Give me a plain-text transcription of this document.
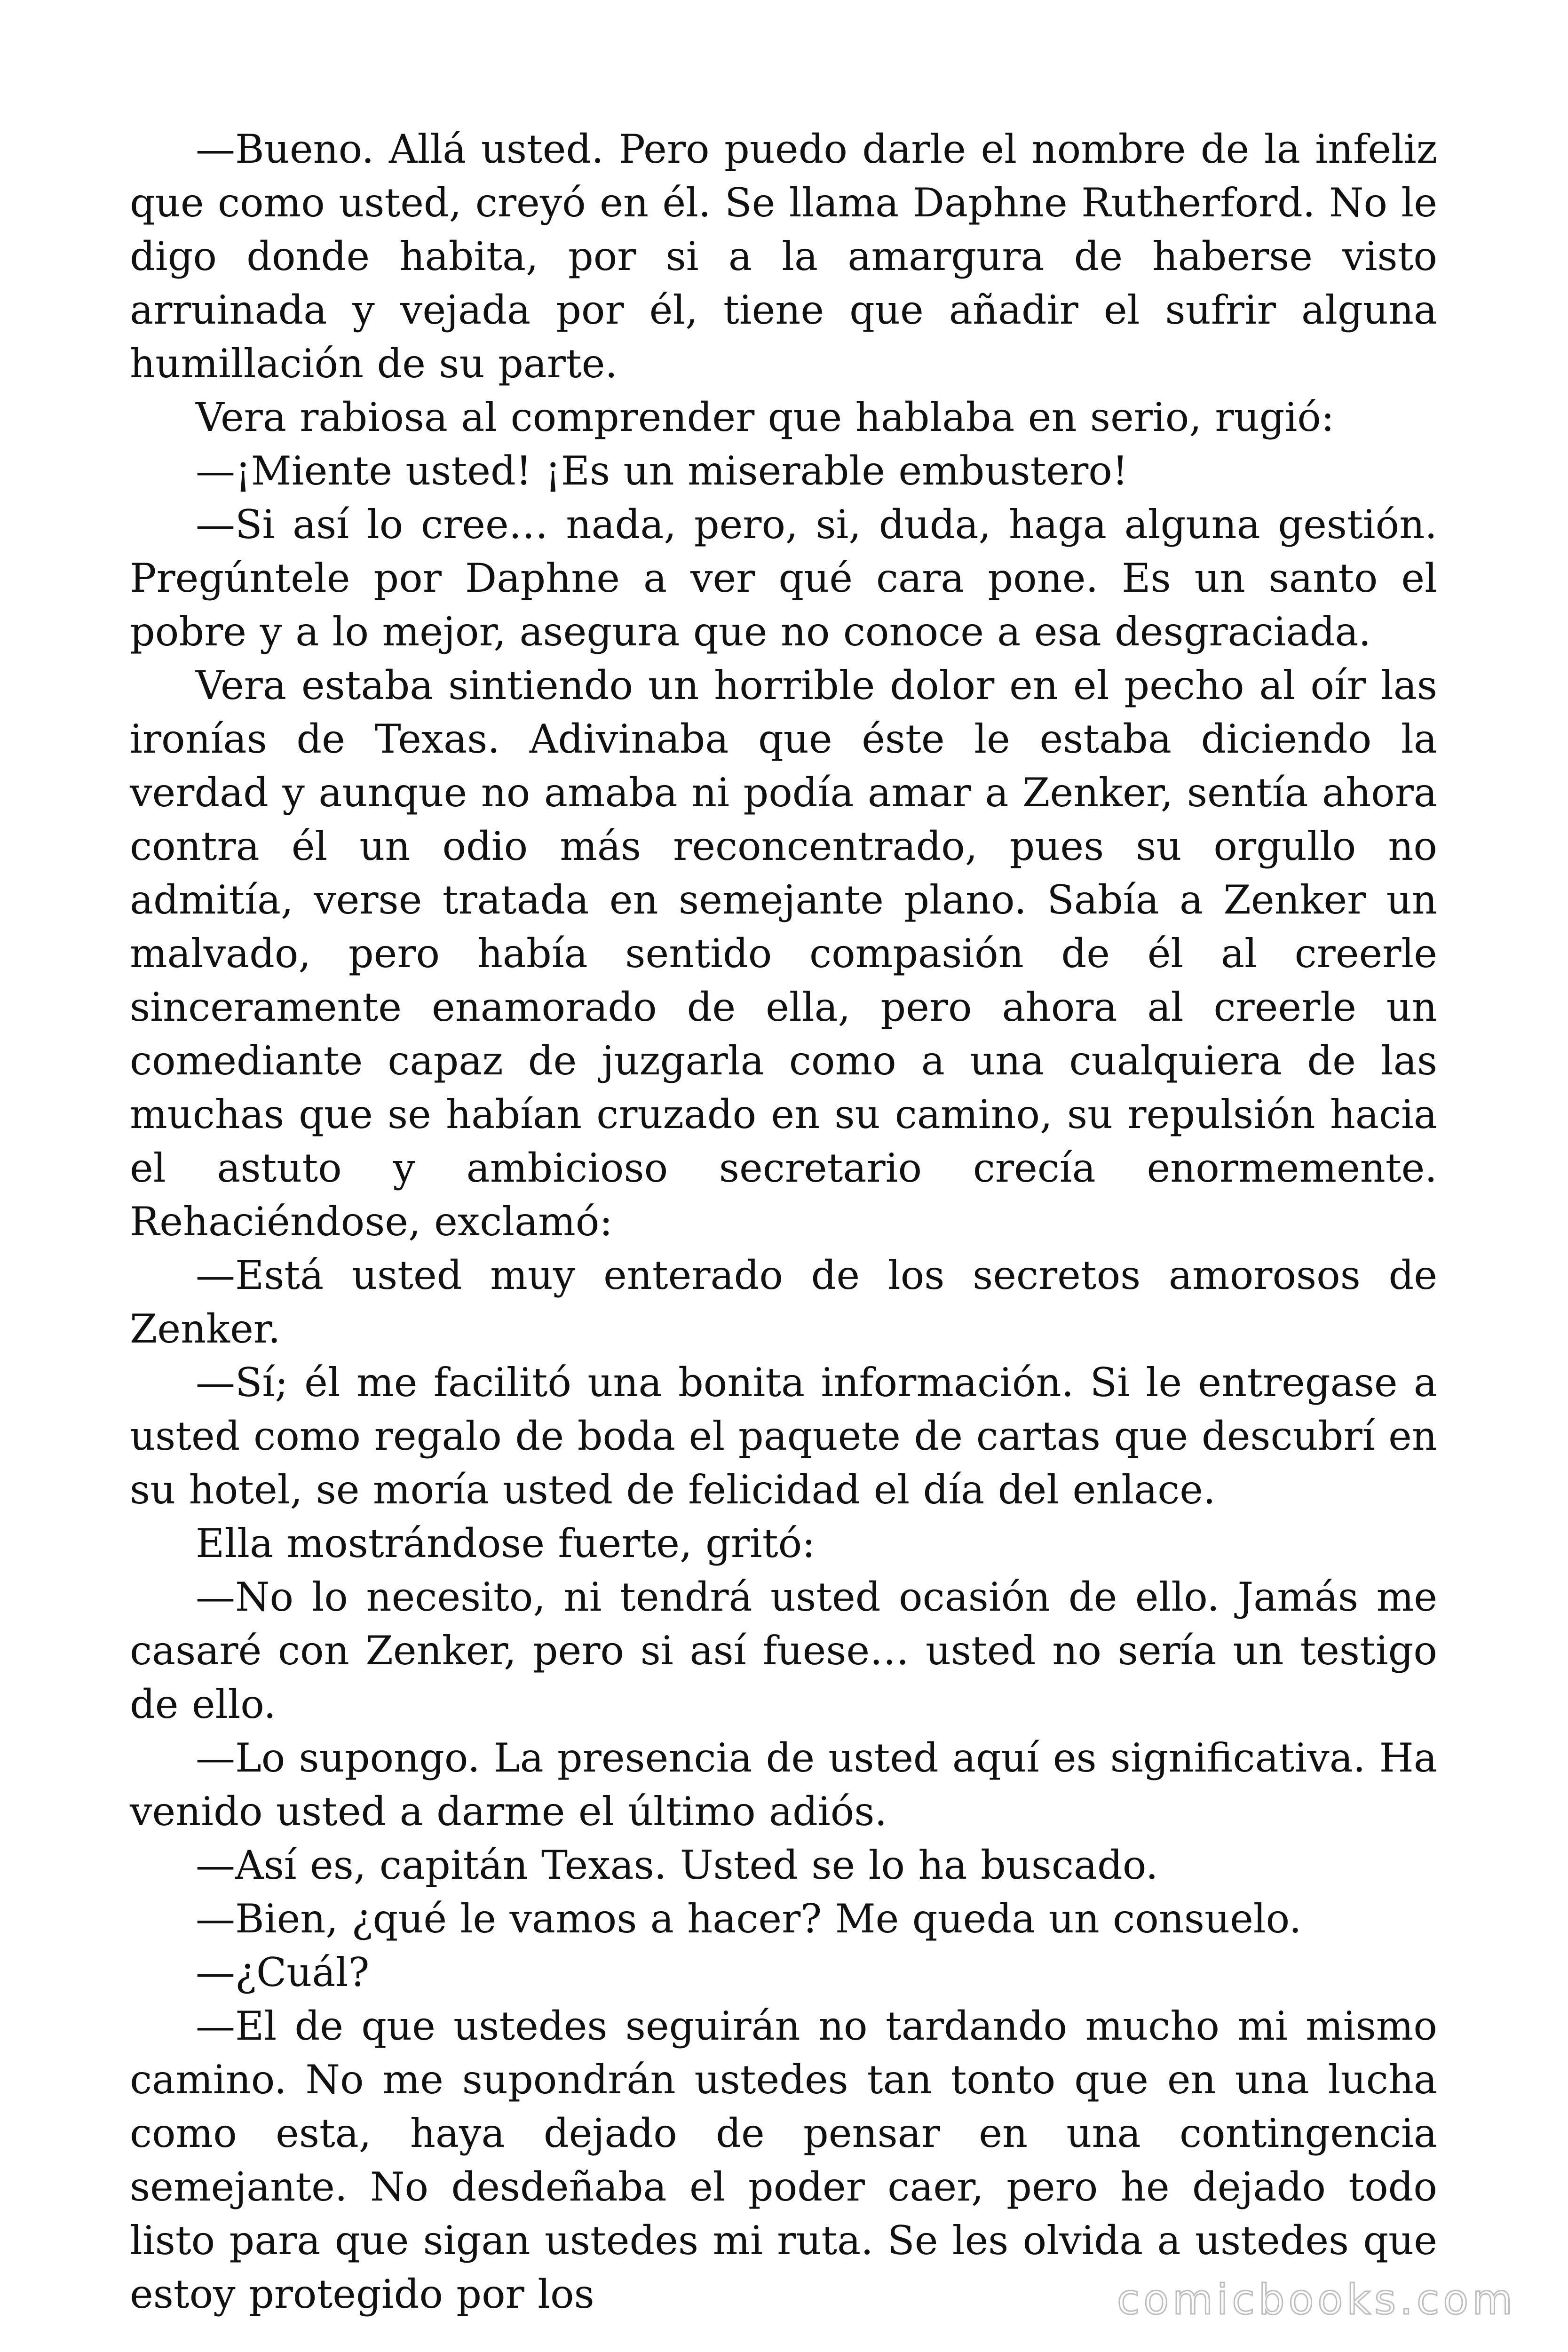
—Bueno. Allá usted. Pero puedo darle el nombre de la infeliz que como usted, creyó en él. Se llama Daphne Rutherford. No le digo donde habita, por si a la amargura de haberse visto arruinada y vejada por él, tiene que añadir el sufrir alguna humillación de su parte.

Vera rabiosa al comprender que hablaba en serio, rugió:

—¡Miente usted! ¡Es un miserable embustero!

—Si así lo cree… nada, pero, si, duda, haga alguna gestión. Pregúntele por Daphne a ver qué cara pone. Es un santo el pobre y a lo mejor, asegura que no conoce a esa desgraciada.

Vera estaba sintiendo un horrible dolor en el pecho al oír las ironías de Texas. Adivinaba que éste le estaba diciendo la verdad y aunque no amaba ni podía amar a Zenker, sentía ahora contra él un odio más reconcentrado, pues su orgullo no admitía, verse tratada en semejante plano. Sabía a Zenker un malvado, pero había sentido compasión de él al creerle sinceramente enamorado de ella, pero ahora al creerle un comediante capaz de juzgarla como a una cualquiera de las muchas que se habían cruzado en su camino, su repulsión hacia el astuto y ambicioso secretario crecía enormemente. Rehaciéndose, exclamó:

—Está usted muy enterado de los secretos amorosos de Zenker.

—Sí; él me facilitó una bonita información. Si le entregase a usted como regalo de boda el paquete de cartas que descubrí en su hotel, se moría usted de felicidad el día del enlace.

Ella mostrándose fuerte, gritó:

—No lo necesito, ni tendrá usted ocasión de ello. Jamás me casaré con Zenker, pero si así fuese… usted no sería un testigo de ello.

—Lo supongo. La presencia de usted aquí es significativa. Ha venido usted a darme el último adiós.

—Así es, capitán Texas. Usted se lo ha buscado.

—Bien, ¿qué le vamos a hacer? Me queda un consuelo.

—¿Cuál?

—El de que ustedes seguirán no tardando mucho mi mismo camino. No me supondrán ustedes tan tonto que en una lucha como esta, haya dejado de pensar en una contingencia semejante. No desdeñaba el poder caer, pero he dejado todo listo para que sigan ustedes mi ruta. Se les olvida a ustedes que estoy protegido por los	comicbooks.com
